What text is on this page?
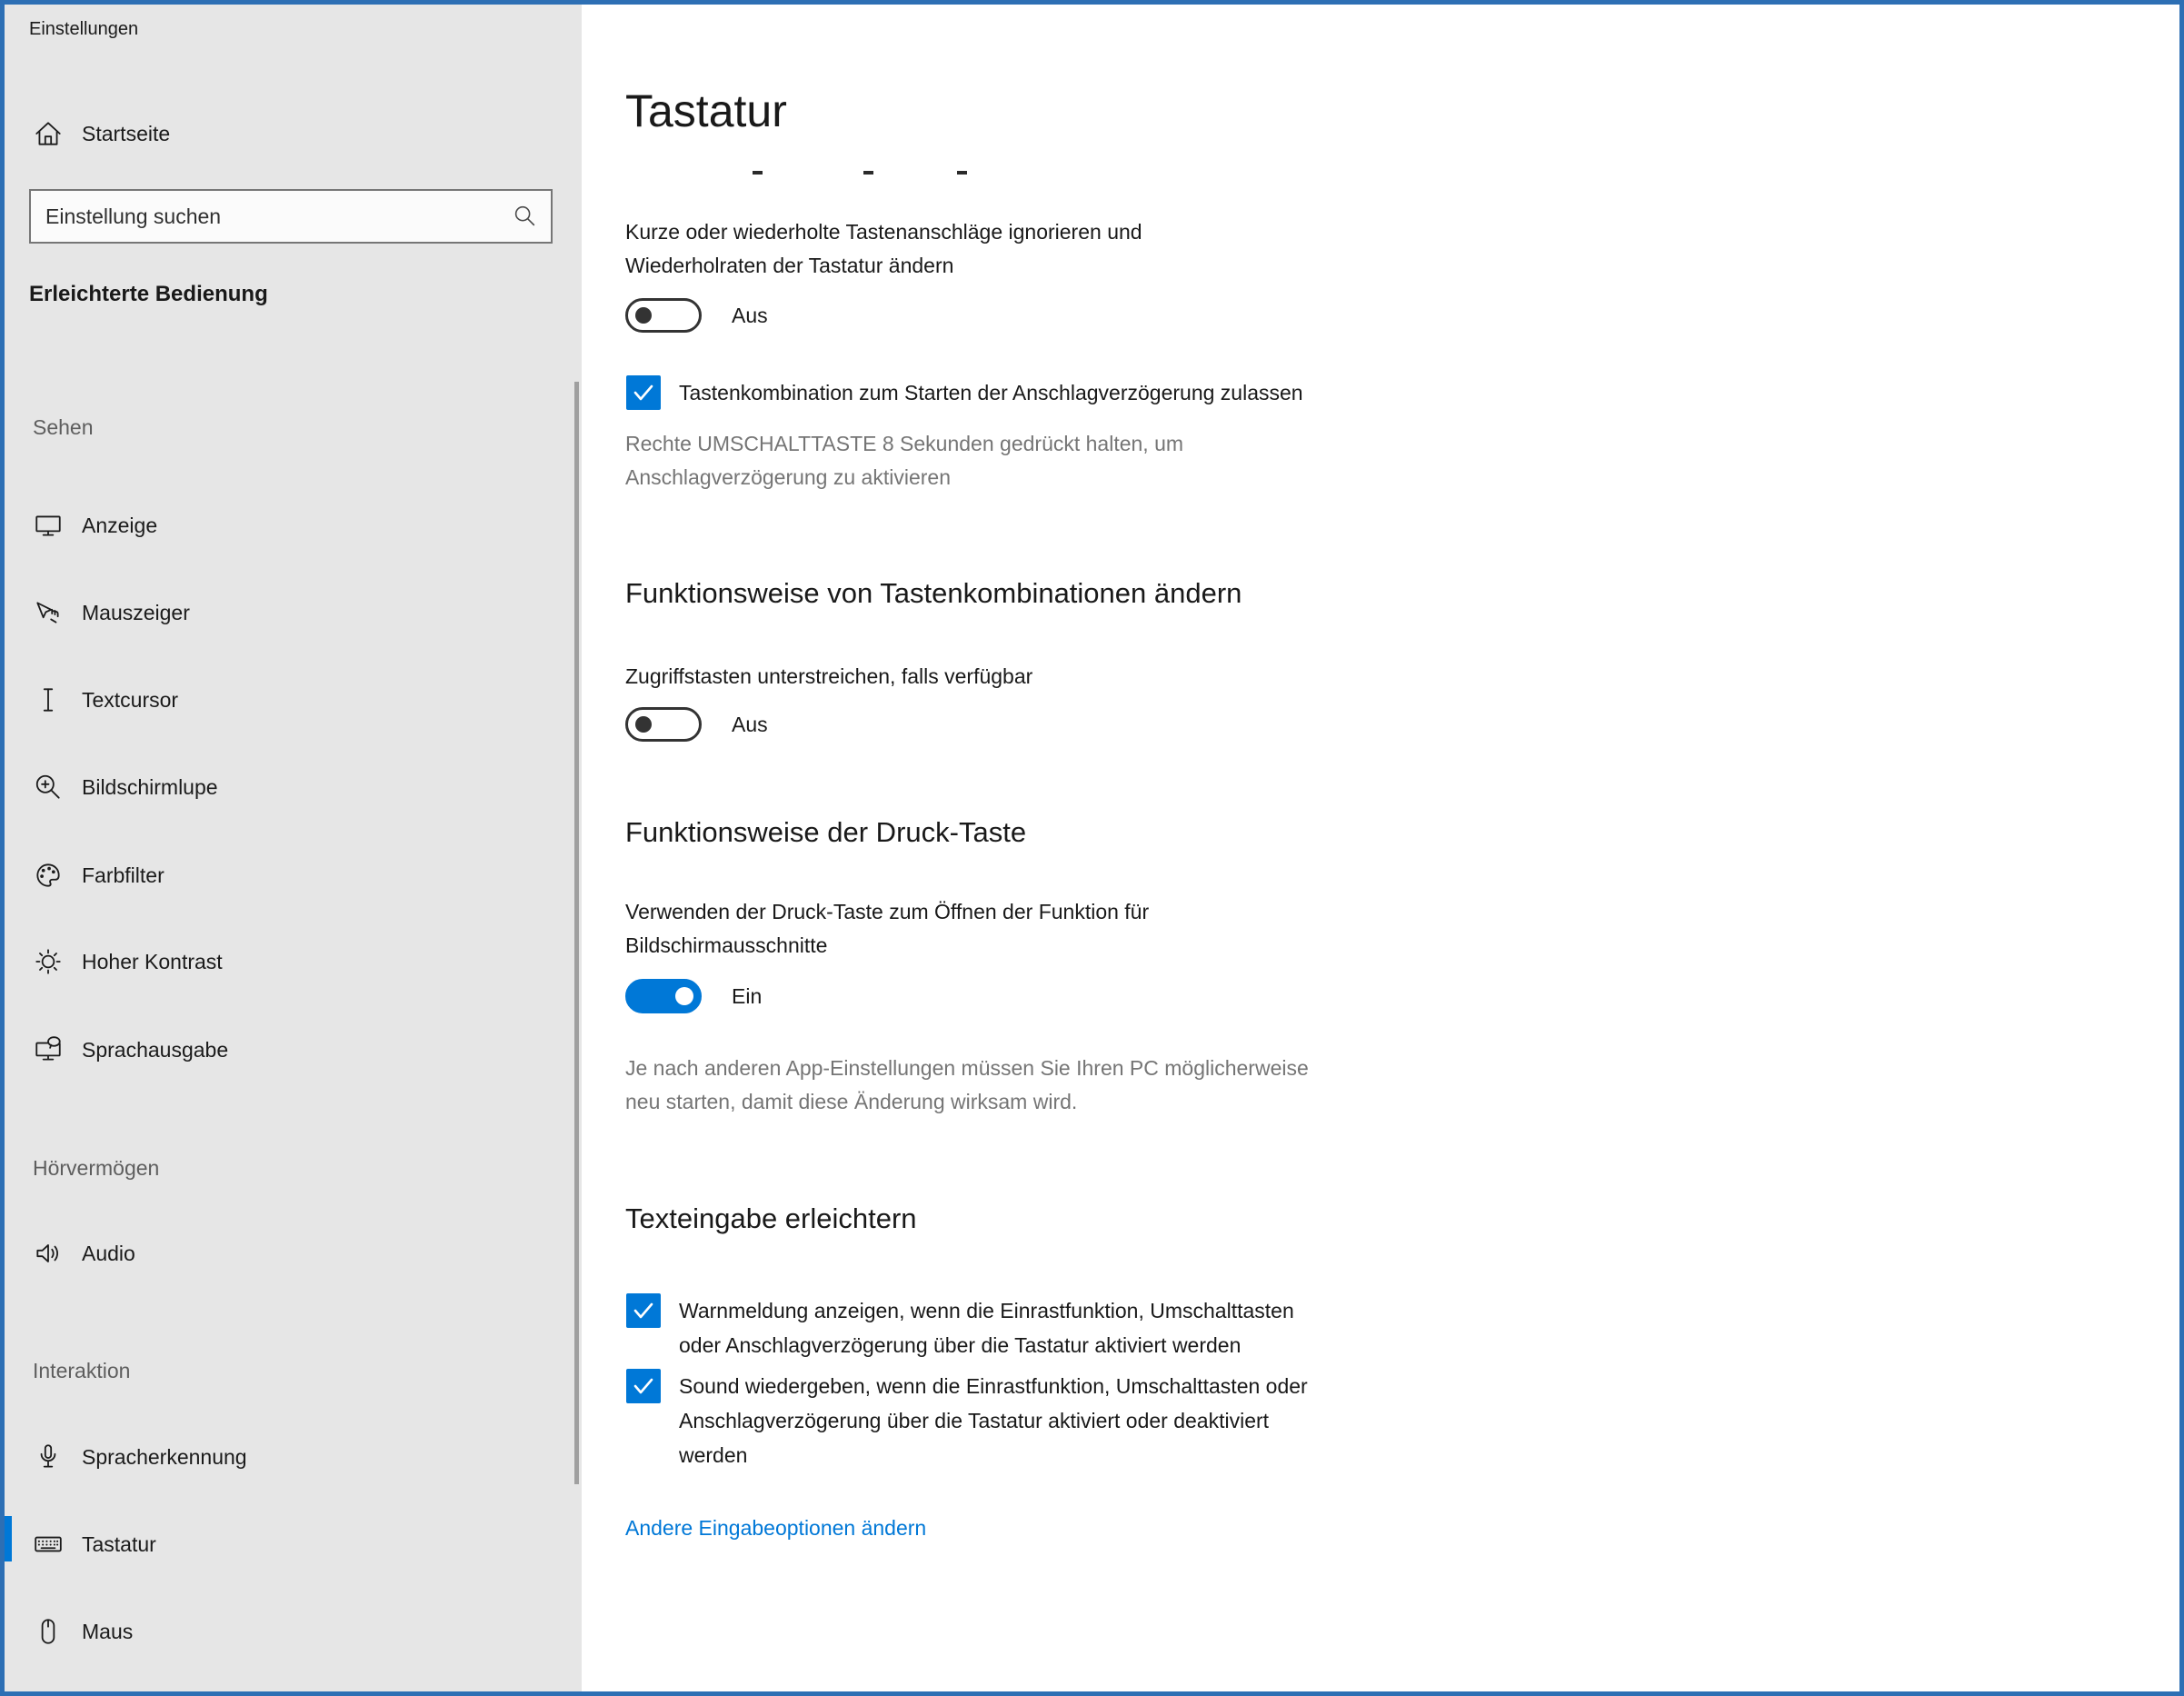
Einstellungen
Startseite
Einstellung suchen
Erleichterte Bedienung
Sehen
Anzeige
Mauszeiger
Textcursor
Bildschirmlupe
Farbfilter
Hoher Kontrast
Sprachausgabe
Hörvermögen
Audio
Interaktion
Spracherkennung
Tastatur
Maus
Tastatur
Kurze oder wiederholte Tastenanschläge ignorieren und
Wiederholraten der Tastatur ändern
Aus
Tastenkombination zum Starten der Anschlagverzögerung zulassen
Rechte UMSCHALTTASTE 8 Sekunden gedrückt halten, um
Anschlagverzögerung zu aktivieren
Funktionsweise von Tastenkombinationen ändern
Zugriffstasten unterstreichen, falls verfügbar
Aus
Funktionsweise der Druck-Taste
Verwenden der Druck-Taste zum Öffnen der Funktion für
Bildschirmausschnitte
Ein
Je nach anderen App-Einstellungen müssen Sie Ihren PC möglicherweise
neu starten, damit diese Änderung wirksam wird.
Texteingabe erleichtern
Warnmeldung anzeigen, wenn die Einrastfunktion, Umschalttasten
oder Anschlagverzögerung über die Tastatur aktiviert werden
Sound wiedergeben, wenn die Einrastfunktion, Umschalttasten oder
Anschlagverzögerung über die Tastatur aktiviert oder deaktiviert
werden
Andere Eingabeoptionen ändern
